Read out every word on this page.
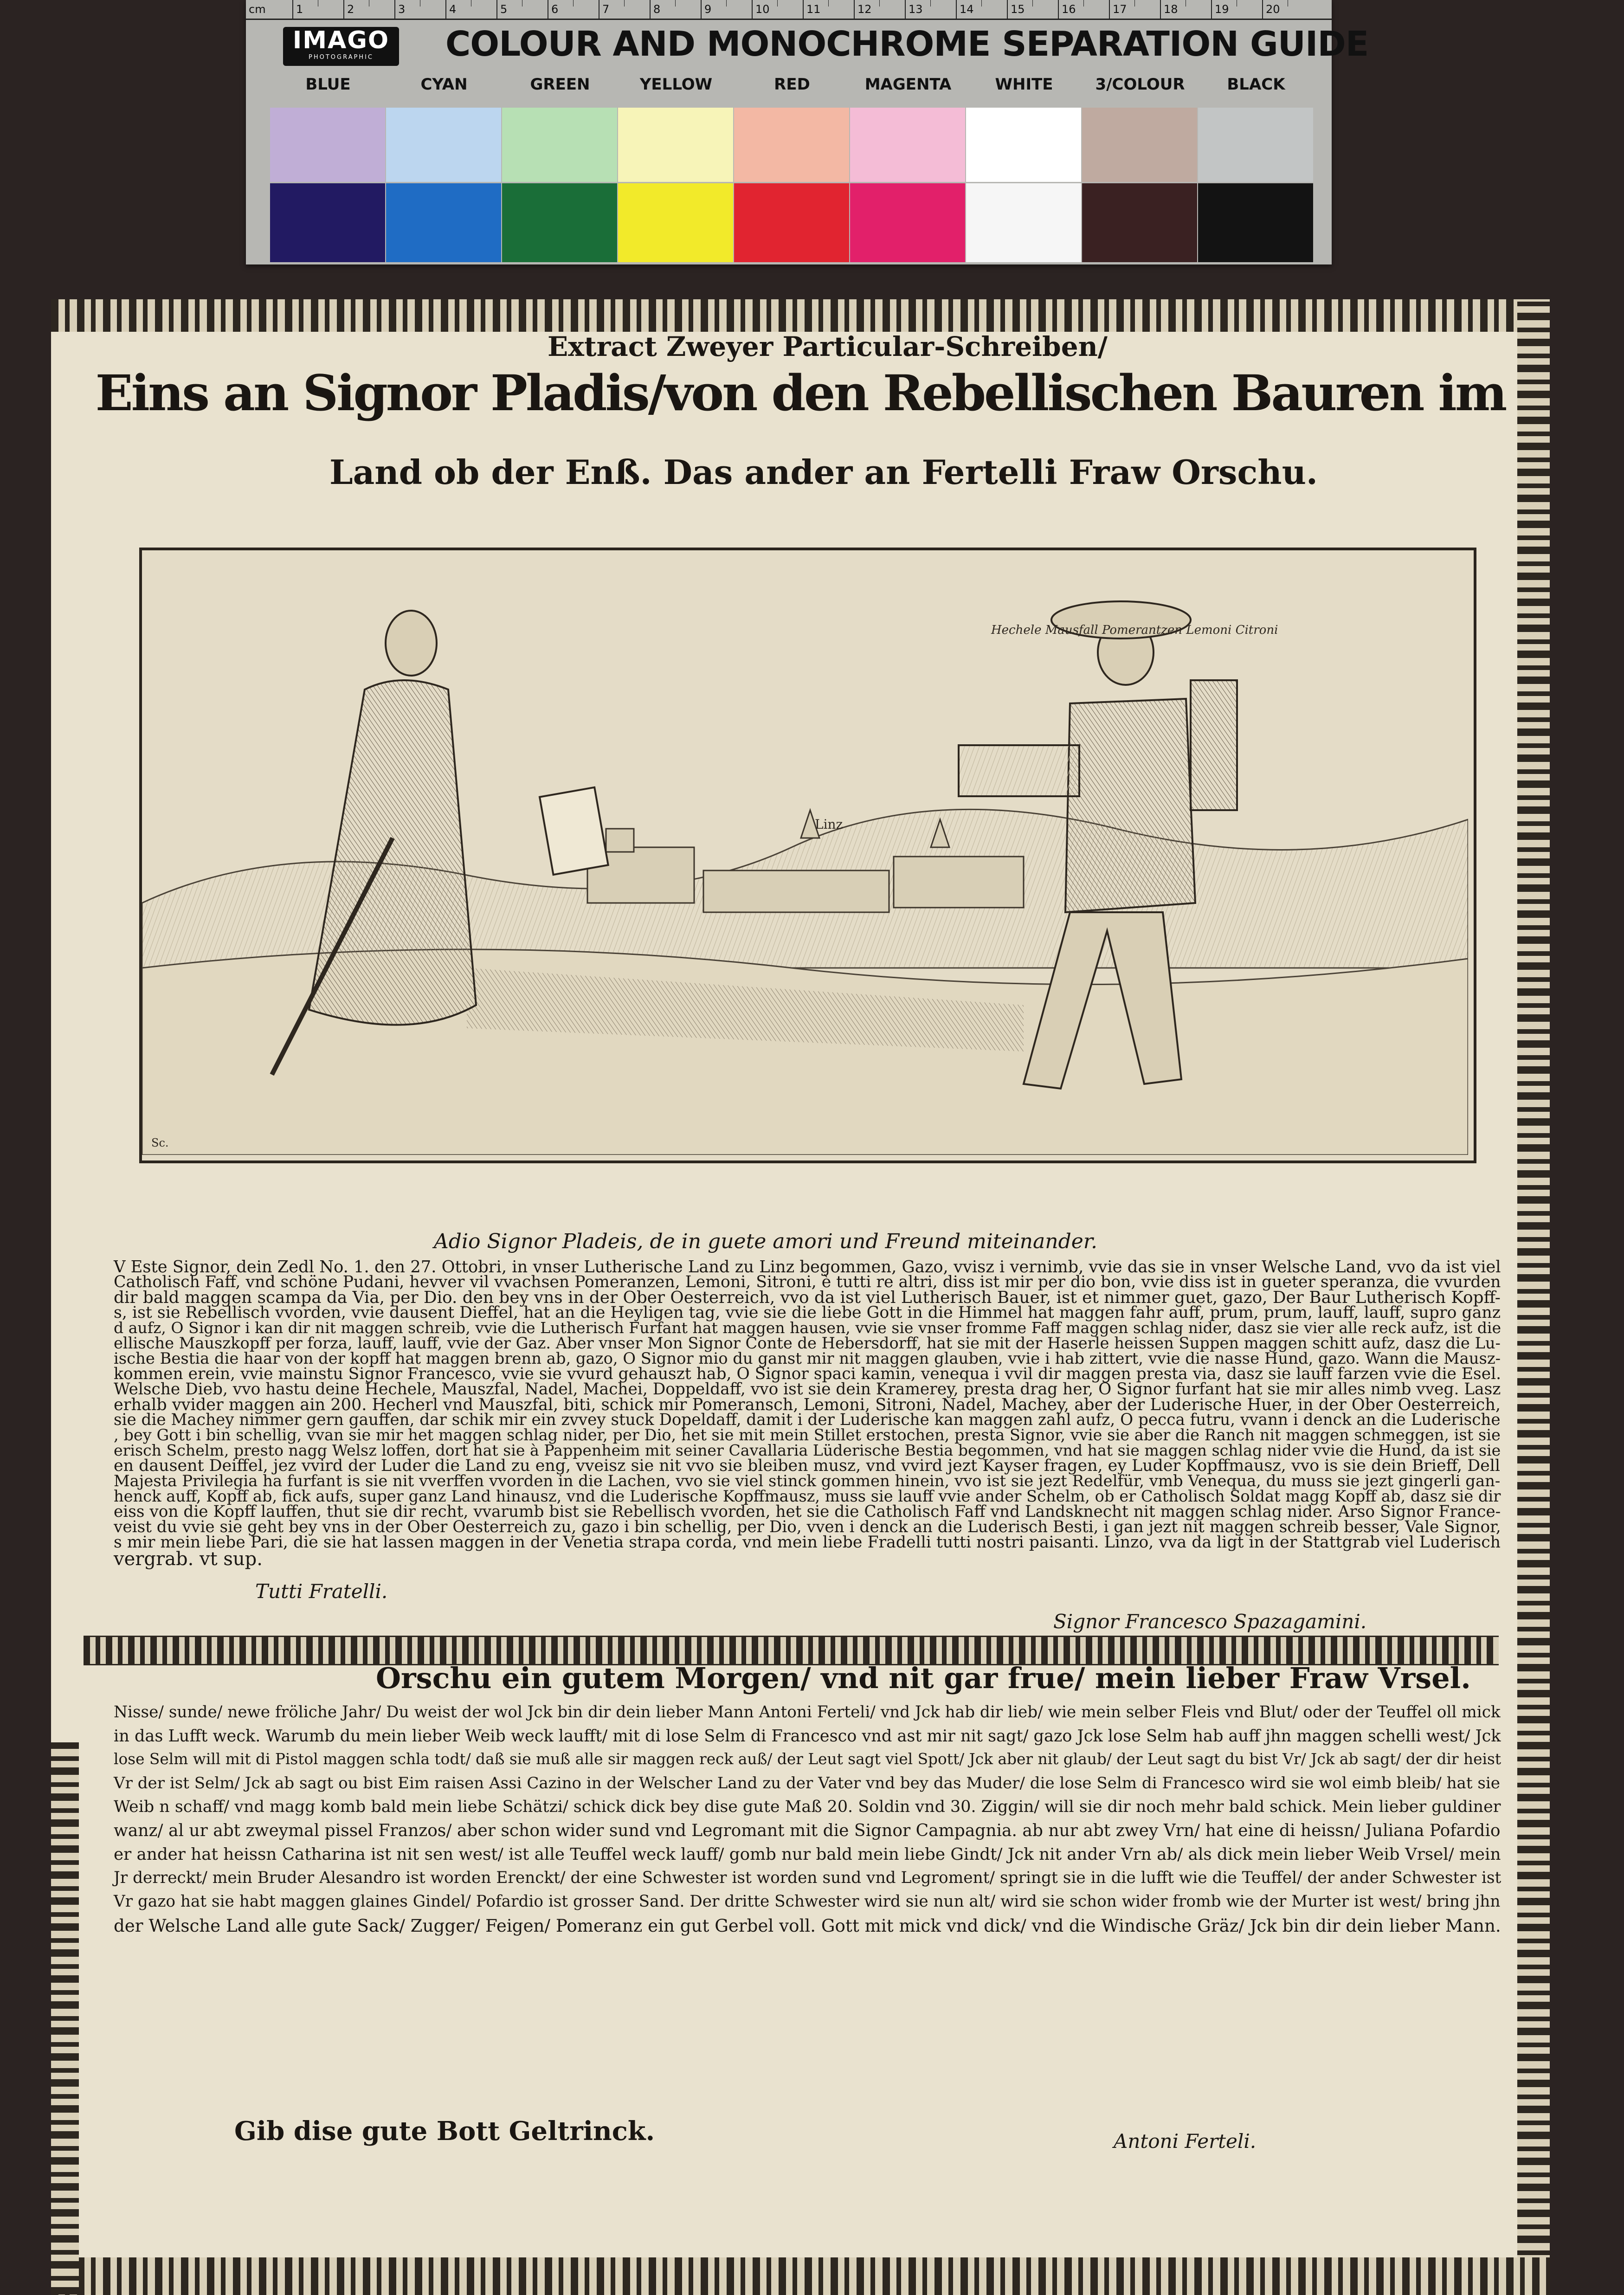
cm	1	2	3	4	5	6	7	8	9	10	11	12	13	14	15	16	17	18	19	20
IMAGO
PHOTOGRAPHIC	COLOUR AND MONOCHROME SEPARATION GUIDE
BLUE	CYAN	GREEN	YELLOW	RED	MAGENTA	WHITE	3/COLOUR	BLACK
Extract Zweyer Particular-Schreiben/
Eins an Signor Pladis/von den Rebellischen Bauren im
Land ob der Enß. Das ander an Fertelli Fraw Orschu.
Hechele Mausfall Pomerantzen Lemoni Citroni
Linz
Sc.
Adio Signor Pladeis, de in guete amori und Freund miteinander.
V Este Signor, dein Zedl No. 1. den 27. Ottobri, in vnser Lutherische Land zu Linz begommen, Gazo, vvisz i vernimb, vvie das sie in vnser Welsche Land, vvo da ist viel
Catholisch Faff, vnd schöne Pudani, hevver vil vvachsen Pomeranzen, Lemoni, Sitroni, è tutti re altri, diss ist mir per dio bon, vvie diss ist in gueter speranza, die vvurden
dir bald maggen scampa da Via, per Dio. den bey vns in der Ober Oesterreich, vvo da ist viel Lutherisch Bauer, ist et nimmer guet, gazo, Der Baur Lutherisch Kopff-
s, ist sie Rebellisch vvorden, vvie dausent Dieffel, hat an die Heyligen tag, vvie sie die liebe Gott in die Himmel hat maggen fahr auff, prum, prum, lauff, lauff, supro ganz
d aufz, O Signor i kan dir nit maggen schreib, vvie die Lutherisch Furfant hat maggen hausen, vvie sie vnser fromme Faff maggen schlag nider, dasz sie vier alle reck aufz, ist die
ellische Mauszkopff per forza, lauff, lauff, vvie der Gaz. Aber vnser Mon Signor Conte de Hebersdorff, hat sie mit der Haserle heissen Suppen maggen schitt aufz, dasz die Lu-
ische Bestia die haar von der kopff hat maggen brenn ab, gazo, O Signor mio du ganst mir nit maggen glauben, vvie i hab zittert, vvie die nasse Hund, gazo. Wann die Mausz-
kommen erein, vvie mainstu Signor Francesco, vvie sie vvurd gehauszt hab, O Signor spaci kamin, venequa i vvil dir maggen presta via, dasz sie lauff farzen vvie die Esel.
Welsche Dieb, vvo hastu deine Hechele, Mauszfal, Nadel, Machei, Doppeldaff, vvo ist sie dein Kramerey, presta drag her, O Signor furfant hat sie mir alles nimb vveg. Lasz
erhalb vvider maggen ain 200. Hecherl vnd Mauszfal, biti, schick mir Pomeransch, Lemoni, Sitroni, Nadel, Machey, aber der Luderische Huer, in der Ober Oesterreich,
sie die Machey nimmer gern gauffen, dar schik mir ein zvvey stuck Dopeldaff, damit i der Luderische kan maggen zahl aufz, O pecca futru, vvann i denck an die Luderische
, bey Gott i bin schellig, vvan sie mir het maggen schlag nider, per Dio, het sie mit mein Stillet erstochen, presta Signor, vvie sie aber die Ranch nit maggen schmeggen, ist sie
erisch Schelm, presto nagg Welsz loffen, dort hat sie à Pappenheim mit seiner Cavallaria Lüderische Bestia begommen, vnd hat sie maggen schlag nider vvie die Hund, da ist sie
en dausent Deiffel, jez vvird der Luder die Land zu eng, vveisz sie nit vvo sie bleiben musz, vnd vvird jezt Kayser fragen, ey Luder Kopffmausz, vvo is sie dein Brieff, Dell
Majesta Privilegia ha furfant is sie nit vverffen vvorden in die Lachen, vvo sie viel stinck gommen hinein, vvo ist sie jezt Redelfür, vmb Venequa, du muss sie jezt gingerli gan-
henck auff, Kopff ab, fick aufs, super ganz Land hinausz, vnd die Luderische Kopffmausz, muss sie lauff vvie ander Schelm, ob er Catholisch Soldat magg Kopff ab, dasz sie dir
eiss von die Kopff lauffen, thut sie dir recht, vvarumb bist sie Rebellisch vvorden, het sie die Catholisch Faff vnd Landsknecht nit maggen schlag nider. Arso Signor France-
veist du vvie sie geht bey vns in der Ober Oesterreich zu, gazo i bin schellig, per Dio, vven i denck an die Luderisch Besti, i gan jezt nit maggen schreib besser, Vale Signor,
s mir mein liebe Pari, die sie hat lassen maggen in der Venetia strapa corda, vnd mein liebe Fradelli tutti nostri paisanti. Linzo, vva da ligt in der Stattgrab viel Luderisch
vergrab. vt sup.
Tutti Fratelli.
Signor Francesco Spazagamini.
Orschu ein gutem Morgen/ vnd nit gar frue/ mein lieber Fraw Vrsel.
Nisse/ sunde/ newe fröliche Jahr/ Du weist der wol Jck bin dir dein lieber Mann Antoni Ferteli/ vnd Jck hab dir lieb/ wie mein selber Fleis vnd Blut/ oder der Teuffel oll mick
in das Lufft weck. Warumb du mein lieber Weib weck laufft/ mit di lose Selm di Francesco vnd ast mir nit sagt/ gazo Jck lose Selm hab auff jhn maggen schelli west/ Jck
lose Selm will mit di Pistol maggen schla todt/ daß sie muß alle sir maggen reck auß/ der Leut sagt viel Spott/ Jck aber nit glaub/ der Leut sagt du bist Vr/ Jck ab sagt/ der dir heist
Vr der ist Selm/ Jck ab sagt ou bist Eim raisen Assi Cazino in der Welscher Land zu der Vater vnd bey das Muder/ die lose Selm di Francesco wird sie wol eimb bleib/ hat sie
Weib n schaff/ vnd magg komb bald mein liebe Schätzi/ schick dick bey dise gute Maß 20. Soldin vnd 30. Ziggin/ will sie dir noch mehr bald schick. Mein lieber guldiner
wanz/ al ur abt zweymal pissel Franzos/ aber schon wider sund vnd Legromant mit die Signor Campagnia. ab nur abt zwey Vrn/ hat eine di heissn/ Juliana Pofardio
er ander hat heissn Catharina ist nit sen west/ ist alle Teuffel weck lauff/ gomb nur bald mein liebe Gindt/ Jck nit ander Vrn ab/ als dick mein lieber Weib Vrsel/ mein
Jr derreckt/ mein Bruder Alesandro ist worden Erenckt/ der eine Schwester ist worden sund vnd Legroment/ springt sie in die lufft wie die Teuffel/ der ander Schwester ist
Vr gazo hat sie habt maggen glaines Gindel/ Pofardio ist grosser Sand. Der dritte Schwester wird sie nun alt/ wird sie schon wider fromb wie der Murter ist west/ bring jhn
der Welsche Land alle gute Sack/ Zugger/ Feigen/ Pomeranz ein gut Gerbel voll. Gott mit mick vnd dick/ vnd die Windische Gräz/ Jck bin dir dein lieber Mann.
Gib dise gute Bott Geltrinck.	Antoni Ferteli.
